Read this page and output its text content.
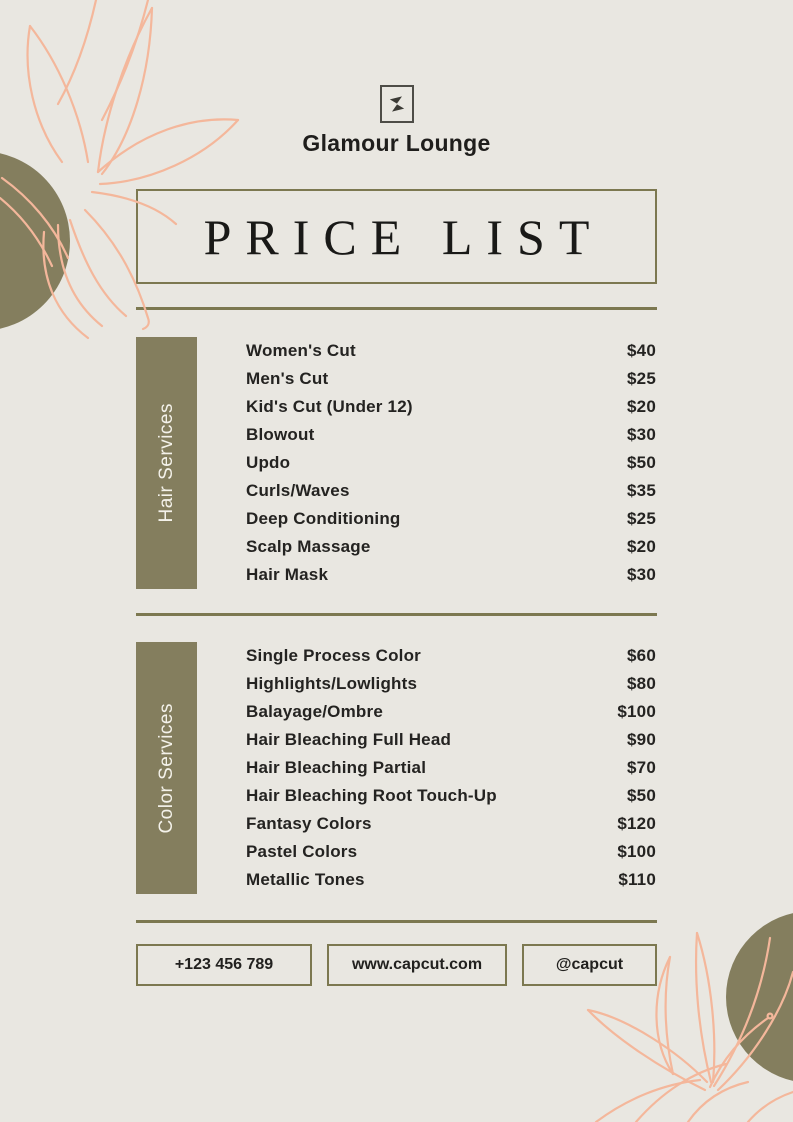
Glamour Lounge
PRICE LIST
Hair Services
Women's Cut	$40
Men's Cut	$25
Kid's Cut (Under 12)	$20
Blowout	$30
Updo	$50
Curls/Waves	$35
Deep Conditioning	$25
Scalp Massage	$20
Hair Mask	$30
Color Services
Single Process Color	$60
Highlights/Lowlights	$80
Balayage/Ombre	$100
Hair Bleaching Full Head	$90
Hair Bleaching Partial	$70
Hair Bleaching Root Touch-Up	$50
Fantasy Colors	$120
Pastel Colors	$100
Metallic Tones	$110
+123 456 789	www.capcut.com	@capcut
